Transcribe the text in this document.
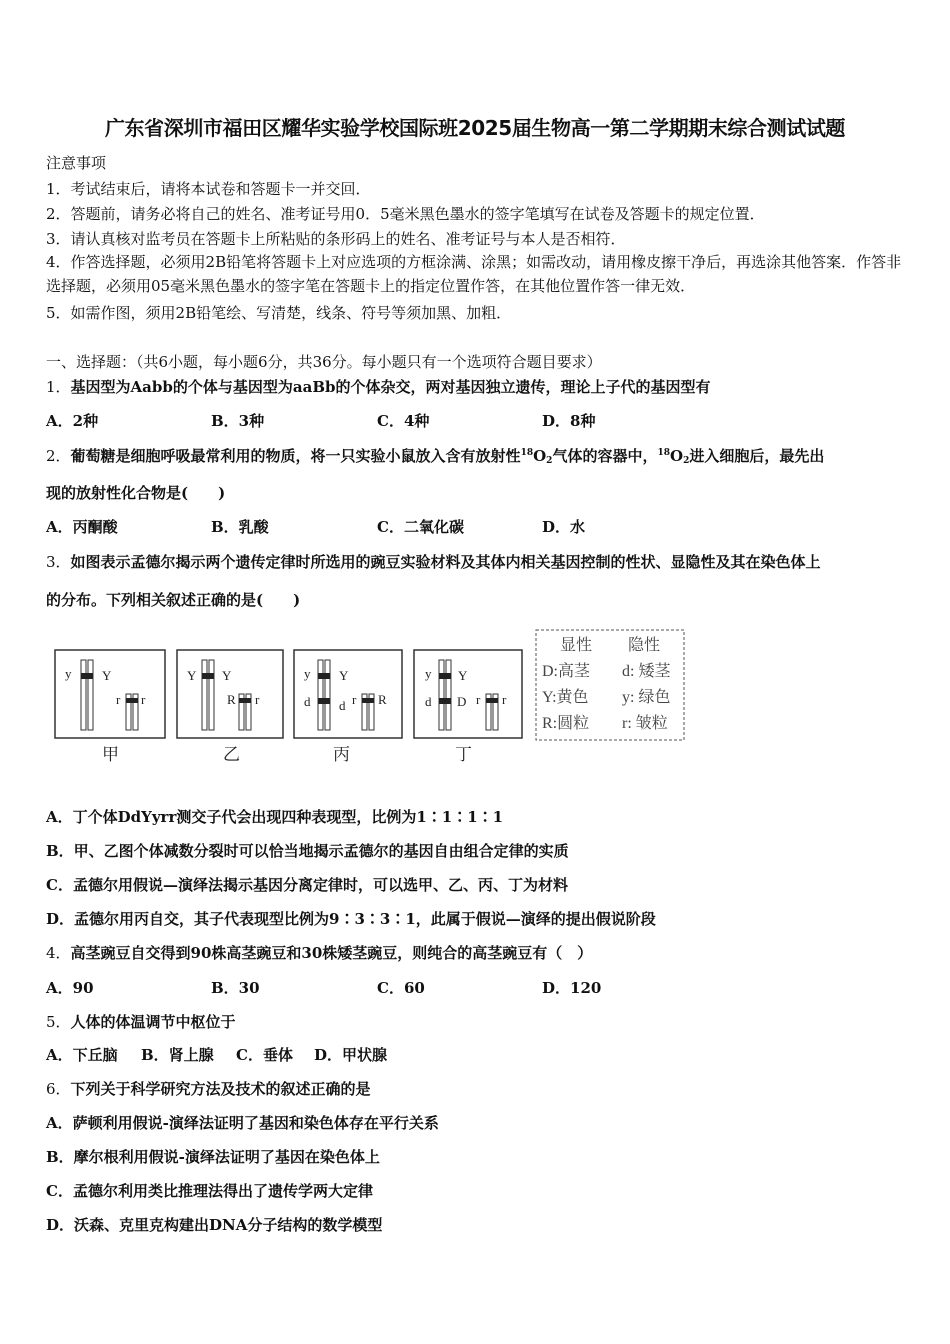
广东省深圳市福田区耀华实验学校国际班2025届生物高一第二学期期末综合测试试题
注意事项
1．考试结束后，请将本试卷和答题卡一并交回．
2．答题前，请务必将自己的姓名、准考证号用0．5毫米黑色墨水的签字笔填写在试卷及答题卡的规定位置．
3．请认真核对监考员在答题卡上所粘贴的条形码上的姓名、准考证号与本人是否相符．
4．作答选择题，必须用2B铅笔将答题卡上对应选项的方框涂满、涂黑；如需改动，请用橡皮擦干净后，再选涂其他答案．作答非选择题，必须用05毫米黑色墨水的签字笔在答题卡上的指定位置作答，在其他位置作答一律无效．
5．如需作图，须用2B铅笔绘、写清楚，线条、符号等须加黑、加粗．
一、选择题：（共6小题，每小题6分，共36分。每小题只有一个选项符合题目要求）
1．基因型为Aabb的个体与基因型为aaBb的个体杂交，两对基因独立遗传，理论上子代的基因型有
A．2种	B．3种	C．4种	D．8种
2．葡萄糖是细胞呼吸最常利用的物质，将一只实验小鼠放入含有放射性$^{18}O_2$气体的容器中，$^{18}O_2$进入细胞后，最先出
现的放射性化合物是(　　)
A．丙酮酸	B．乳酸	C．二氧化碳	D．水
3．如图表示孟德尔揭示两个遗传定律时所选用的豌豆实验材料及其体内相关基因控制的性状、显隐性及其在染色体上
的分布。下列相关叙述正确的是(　　)
y Y
r r
甲
Y Y
R r
乙
y Y
d d r R
丙
y Y
d D r r
丁
显性 隐性
D:高茎 d: 矮茎
Y:黄色 y: 绿色
R:圆粒 r: 皱粒
A．丁个体DdYyrr测交子代会出现四种表现型，比例为1∶1∶1∶1
B．甲、乙图个体减数分裂时可以恰当地揭示孟德尔的基因自由组合定律的实质
C．孟德尔用假说—演绎法揭示基因分离定律时，可以选甲、乙、丙、丁为材料
D．孟德尔用丙自交，其子代表现型比例为9∶3∶3∶1，此属于假说—演绎的提出假说阶段
4．高茎豌豆自交得到90株高茎豌豆和30株矮茎豌豆，则纯合的高茎豌豆有（　）
A．90	B．30	C．60	D．120
5．人体的体温调节中枢位于
A．下丘脑 B．肾上腺 C．垂体 D．甲状腺
6．下列关于科学研究方法及技术的叙述正确的是
A．萨顿利用假说-演绎法证明了基因和染色体存在平行关系
B．摩尔根利用假说-演绎法证明了基因在染色体上
C．孟德尔利用类比推理法得出了遗传学两大定律
D．沃森、克里克构建出DNA分子结构的数学模型
